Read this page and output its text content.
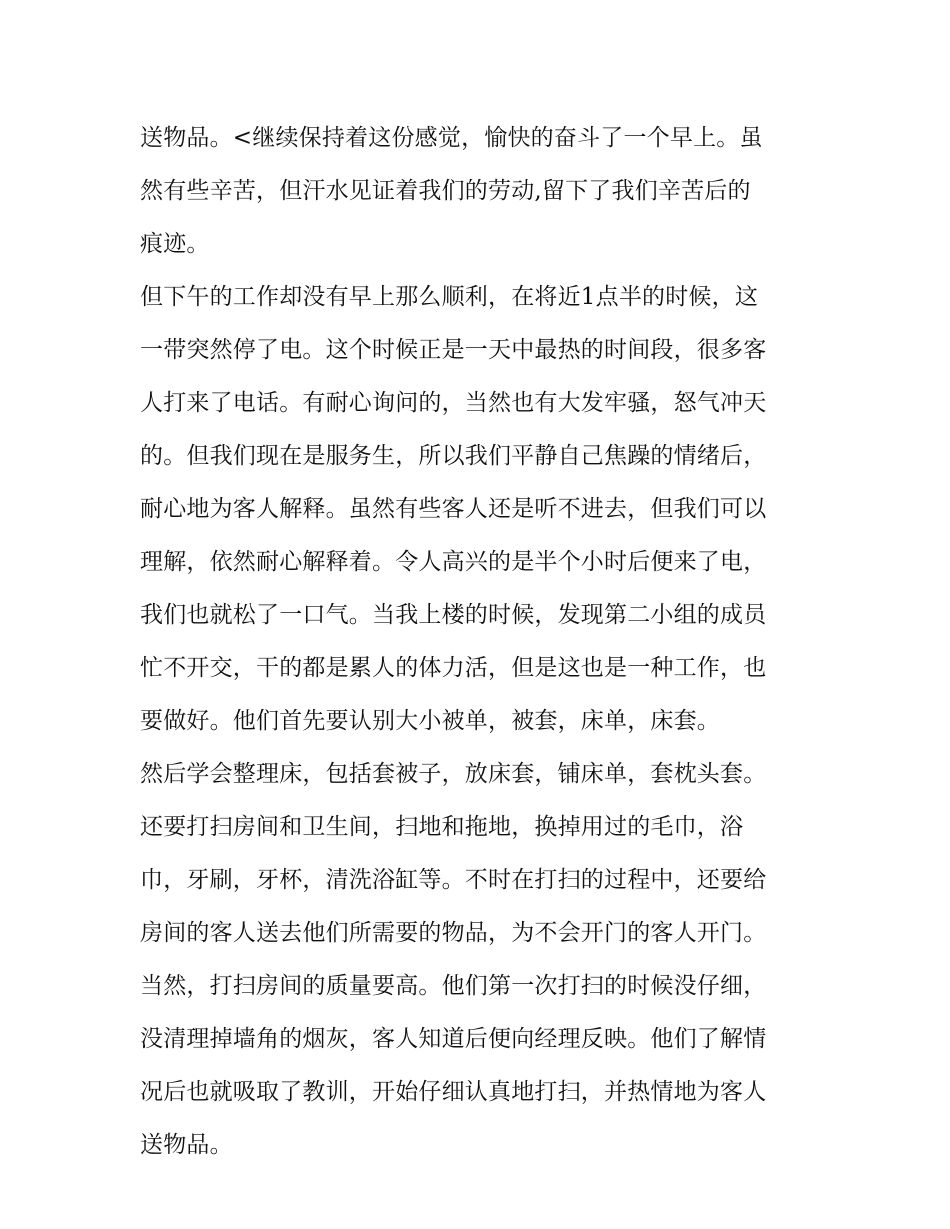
送物品。<继续保持着这份感觉，愉快的奋斗了一个早上。虽
然有些辛苦，但汗水见证着我们的劳动,留下了我们辛苦后的
痕迹。
但下午的工作却没有早上那么顺利，在将近1点半的时候，这
一带突然停了电。这个时候正是一天中最热的时间段，很多客
人打来了电话。有耐心询问的，当然也有大发牢骚，怒气冲天
的。但我们现在是服务生，所以我们平静自己焦躁的情绪后，
耐心地为客人解释。虽然有些客人还是听不进去，但我们可以
理解，依然耐心解释着。令人高兴的是半个小时后便来了电，
我们也就松了一口气。当我上楼的时候，发现第二小组的成员
忙不开交，干的都是累人的体力活，但是这也是一种工作，也
要做好。他们首先要认别大小被单，被套，床单，床套。
然后学会整理床，包括套被子，放床套，铺床单，套枕头套。
还要打扫房间和卫生间，扫地和拖地，换掉用过的毛巾，浴
巾，牙刷，牙杯，清洗浴缸等。不时在打扫的过程中，还要给
房间的客人送去他们所需要的物品，为不会开门的客人开门。
当然，打扫房间的质量要高。他们第一次打扫的时候没仔细，
没清理掉墙角的烟灰，客人知道后便向经理反映。他们了解情
况后也就吸取了教训，开始仔细认真地打扫，并热情地为客人
送物品。
